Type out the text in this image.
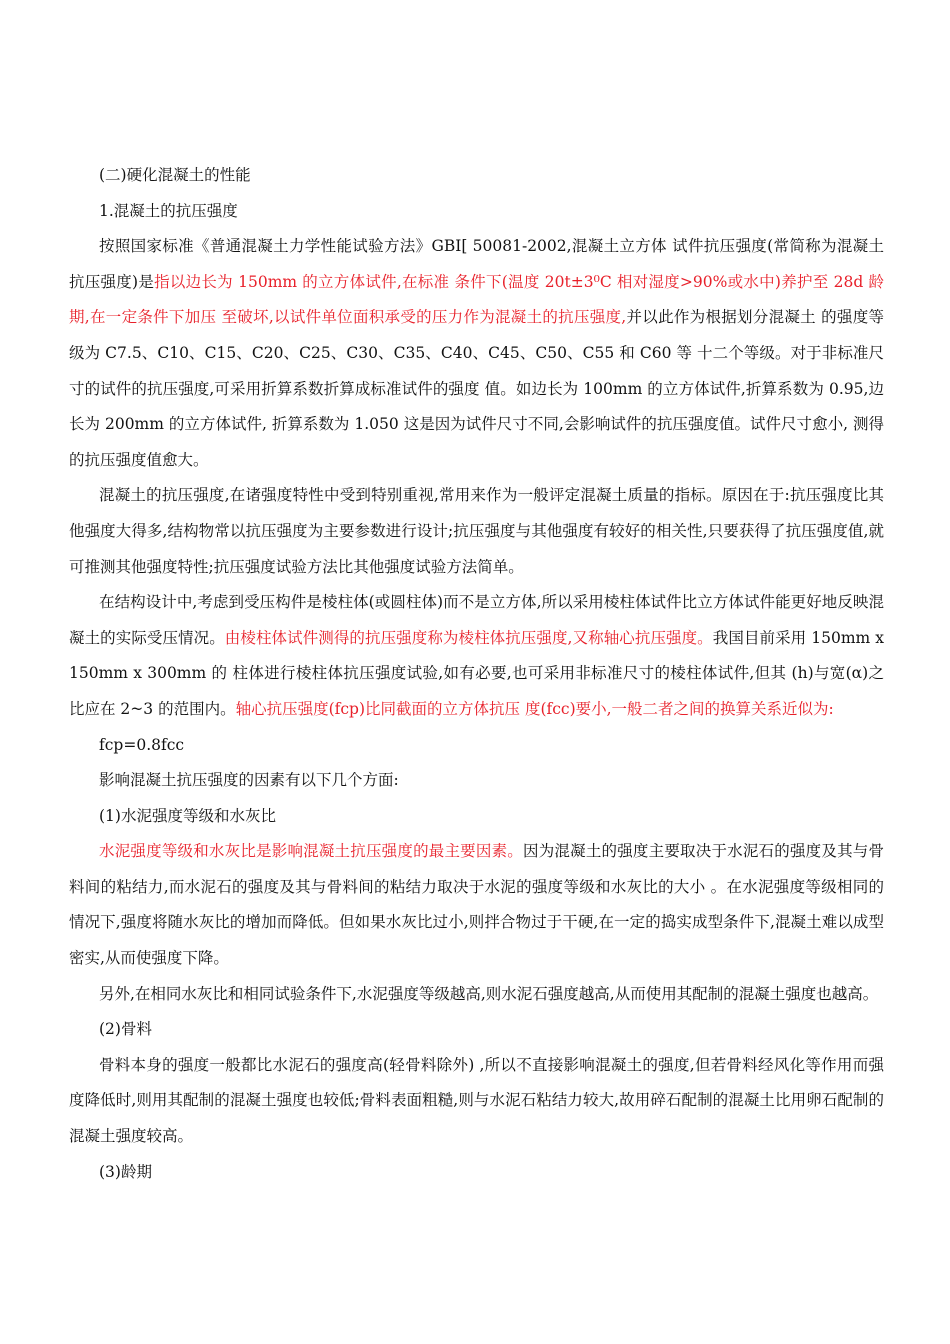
(二)硬化混凝土的性能

1.混凝土的抗压强度

按照国家标准《普通混凝土力学性能试验方法》GBI[ 50081-2002,混凝土立方体 试件抗压强度(常简称为混凝土抗压强度)是指以边长为 150mm 的立方体试件,在标准 条件下(温度 20t±3⁰C 相对湿度>90%或水中)养护至 28d 龄期,在一定条件下加压 至破坏,以试件单位面积承受的压力作为混凝土的抗压强度,并以此作为根据划分混凝土 的强度等级为 C7.5、C10、C15、C20、C25、C30、C35、C40、C45、C50、C55 和 C60 等 十二个等级。对于非标准尺寸的试件的抗压强度,可采用折算系数折算成标准试件的强度 值。如边长为 100mm 的立方体试件,折算系数为 0.95,边长为 200mm 的立方体试件, 折算系数为 1.050 这是因为试件尺寸不同,会影响试件的抗压强度值。试件尺寸愈小, 测得的抗压强度值愈大。

混凝土的抗压强度,在诸强度特性中受到特别重视,常用来作为一般评定混凝土质量的指标。原因在于:抗压强度比其他强度大得多,结构物常以抗压强度为主要参数进行设计;抗压强度与其他强度有较好的相关性,只要获得了抗压强度值,就可推测其他强度特性;抗压强度试验方法比其他强度试验方法简单。

在结构设计中,考虑到受压构件是棱柱体(或圆柱体)而不是立方体,所以采用棱柱体试件比立方体试件能更好地反映混凝土的实际受压情况。由棱柱体试件测得的抗压强度称为棱柱体抗压强度,又称轴心抗压强度。我国目前采用 150mm x 150mm x 300mm 的 柱体进行棱柱体抗压强度试验,如有必要,也可采用非标准尺寸的棱柱体试件,但其 (h)与宽(α)之比应在 2~3 的范围内。轴心抗压强度(fcp)比同截面的立方体抗压 度(fcc)要小,一般二者之间的换算关系近似为:

fcp=0.8fcc

影响混凝土抗压强度的因素有以下几个方面:

(1)水泥强度等级和水灰比

水泥强度等级和水灰比是影响混凝土抗压强度的最主要因素。因为混凝土的强度主要取决于水泥石的强度及其与骨料间的粘结力,而水泥石的强度及其与骨料间的粘结力取决于水泥的强度等级和水灰比的大小 。在水泥强度等级相同的情况下,强度将随水灰比的增加而降低。但如果水灰比过小,则拌合物过于干硬,在一定的捣实成型条件下,混凝土难以成型密实,从而使强度下降。

另外,在相同水灰比和相同试验条件下,水泥强度等级越高,则水泥石强度越高,从而使用其配制的混凝土强度也越高。

(2)骨料

骨料本身的强度一般都比水泥石的强度高(轻骨料除外) ,所以不直接影响混凝土的强度,但若骨料经风化等作用而强度降低时,则用其配制的混凝土强度也较低;骨料表面粗糙,则与水泥石粘结力较大,故用碎石配制的混凝土比用卵石配制的混凝土强度较高。

(3)龄期
